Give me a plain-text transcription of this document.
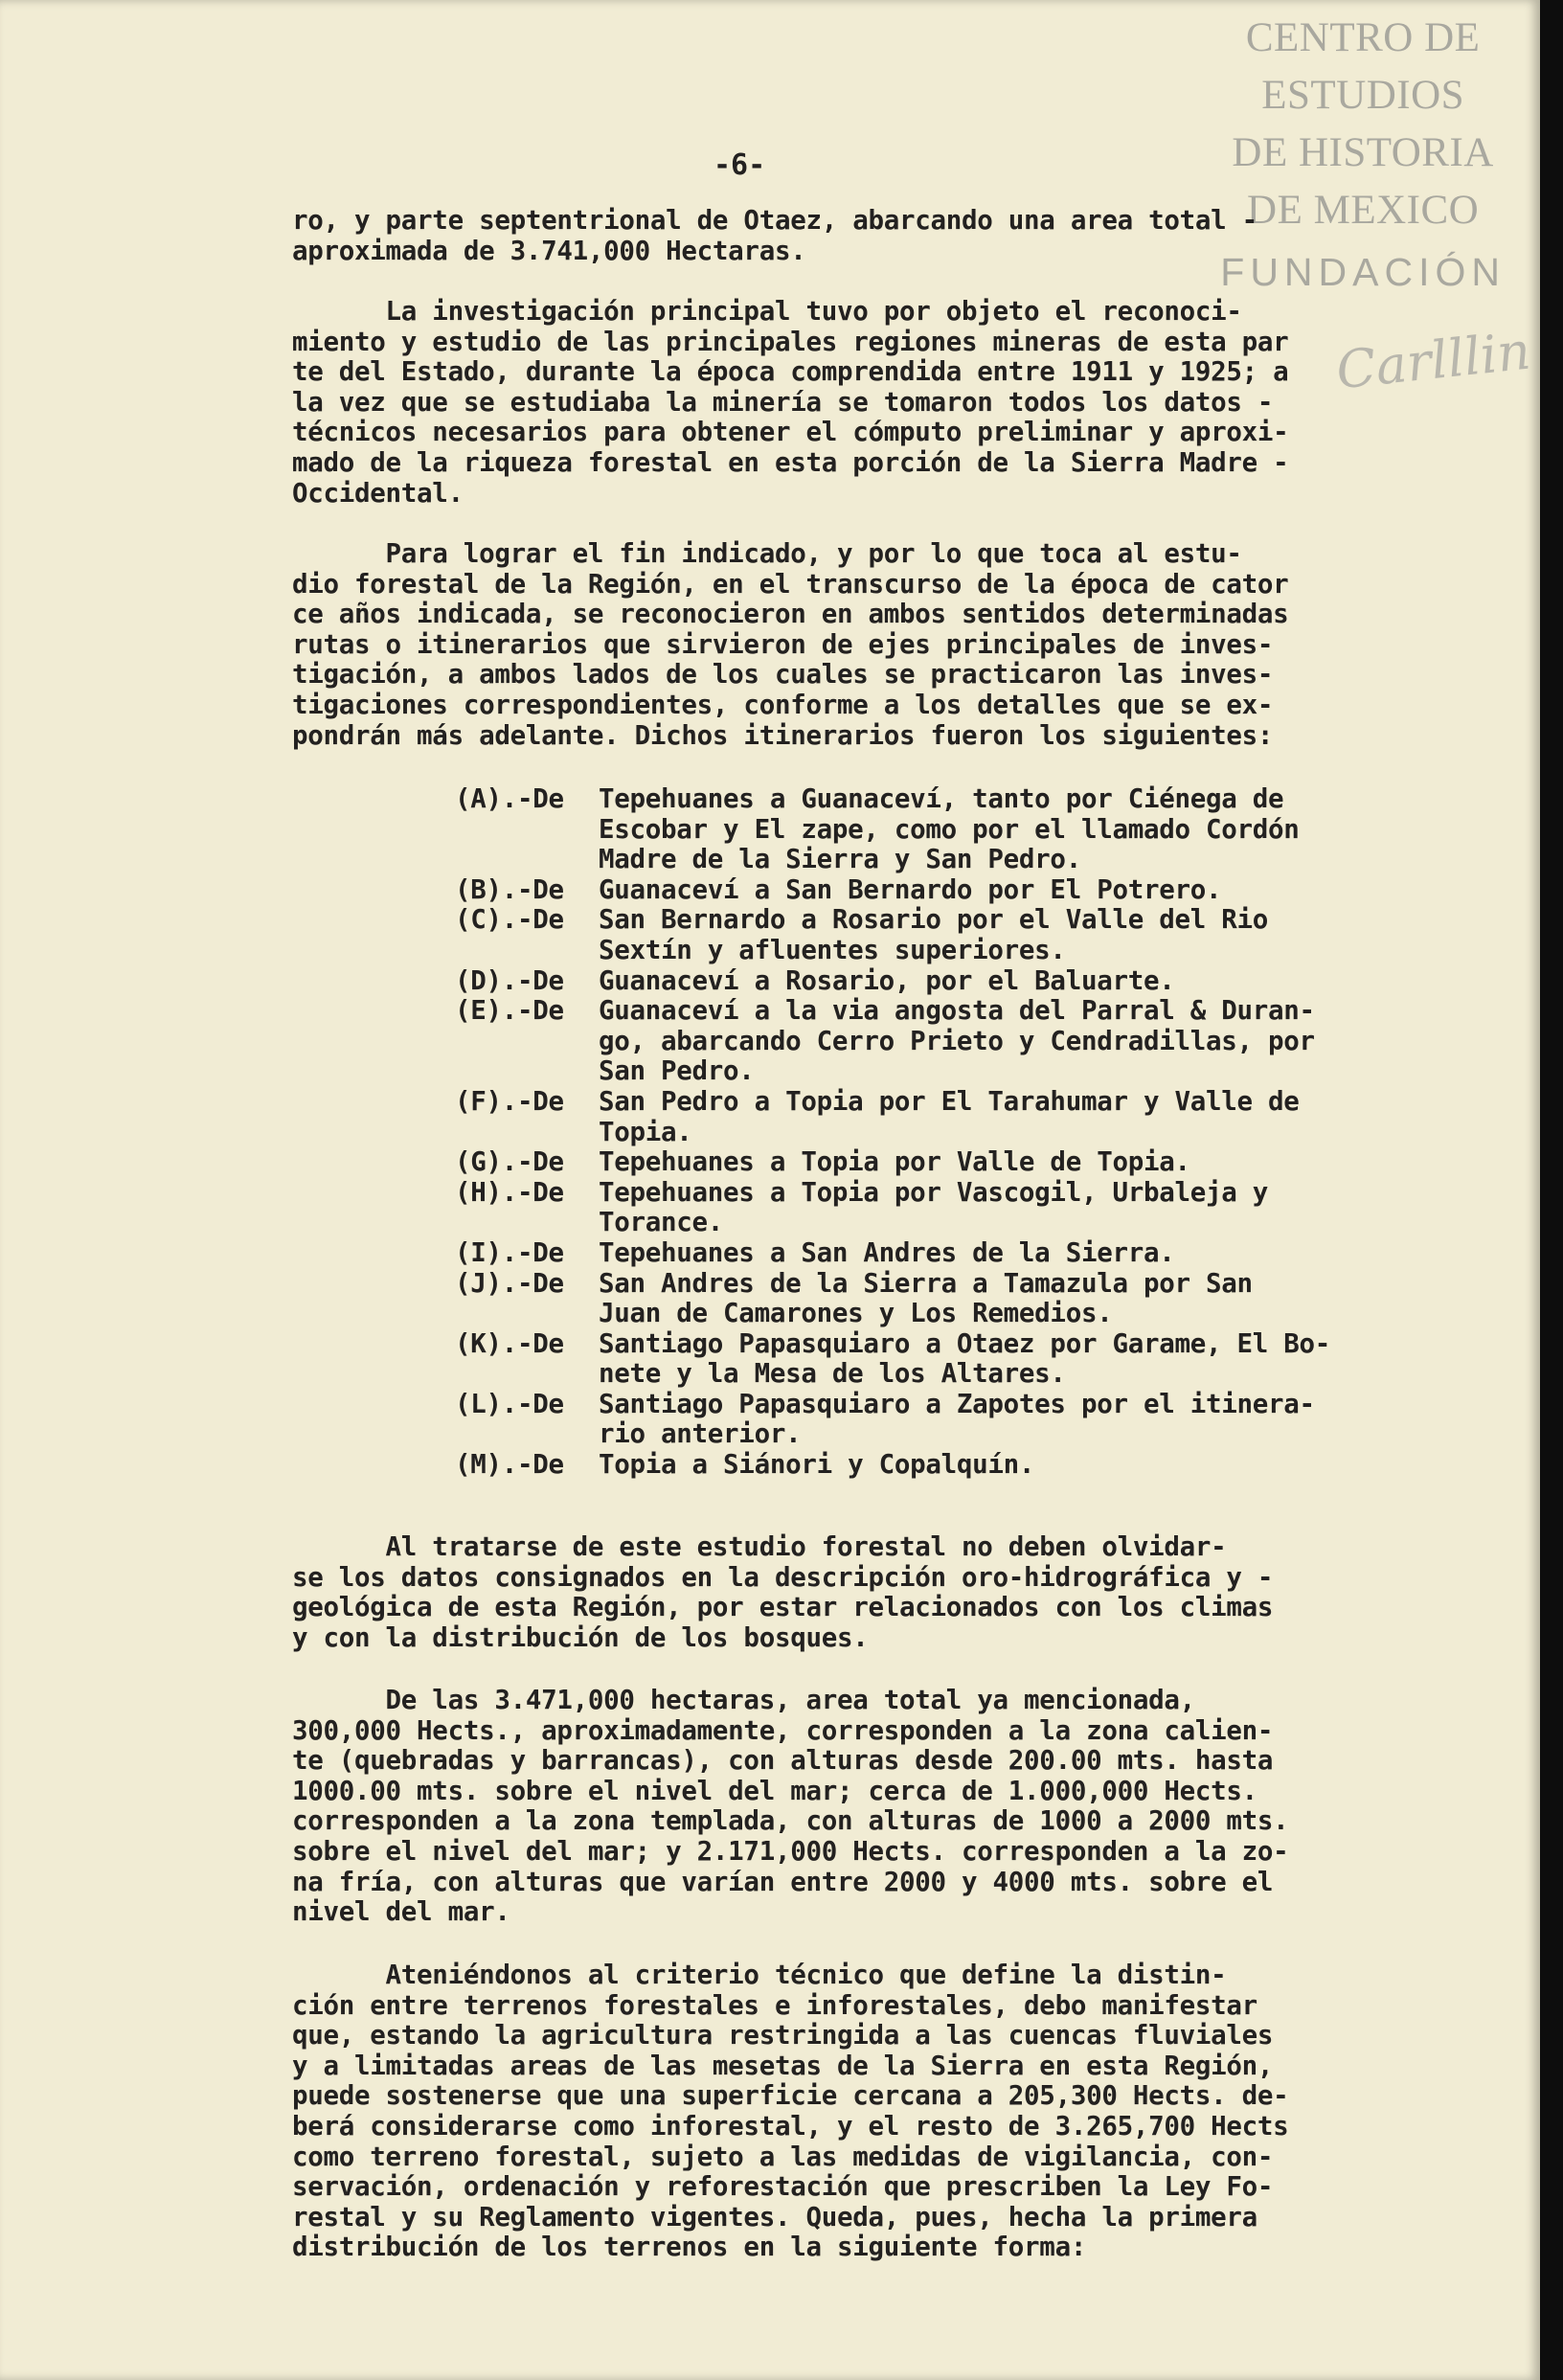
CENTRO DE
ESTUDIOS
DE HISTORIA
DE MEXICO
FUNDACIÓN
Carlllin
-6-
ro, y parte septentrional de Otaez, abarcando una area total -
aproximada de 3.741,000 Hectaras.
La investigación principal tuvo por objeto el reconoci-
miento y estudio de las principales regiones mineras de esta par
te del Estado, durante la época comprendida entre 1911 y 1925; a
la vez que se estudiaba la minería se tomaron todos los datos -
técnicos necesarios para obtener el cómputo preliminar y aproxi-
mado de la riqueza forestal en esta porción de la Sierra Madre -
Occidental.
Para lograr el fin indicado, y por lo que toca al estu-
dio forestal de la Región, en el transcurso de la época de cator
ce años indicada, se reconocieron en ambos sentidos determinadas
rutas o itinerarios que sirvieron de ejes principales de inves-
tigación, a ambos lados de los cuales se practicaron las inves-
tigaciones correspondientes, conforme a los detalles que se ex-
pondrán más adelante. Dichos itinerarios fueron los siguientes:
(A).-De	Tepehuanes a Guanaceví, tanto por Ciénega de
Escobar y El zape, como por el llamado Cordón
Madre de la Sierra y San Pedro.
(B).-De	Guanaceví a San Bernardo por El Potrero.
(C).-De	San Bernardo a Rosario por el Valle del Rio
Sextín y afluentes superiores.
(D).-De	Guanaceví a Rosario, por el Baluarte.
(E).-De	Guanaceví a la via angosta del Parral & Duran-
go, abarcando Cerro Prieto y Cendradillas, por
San Pedro.
(F).-De	San Pedro a Topia por El Tarahumar y Valle de
Topia.
(G).-De	Tepehuanes a Topia por Valle de Topia.
(H).-De	Tepehuanes a Topia por Vascogil, Urbaleja y
Torance.
(I).-De	Tepehuanes a San Andres de la Sierra.
(J).-De	San Andres de la Sierra a Tamazula por San
Juan de Camarones y Los Remedios.
(K).-De	Santiago Papasquiaro a Otaez por Garame, El Bo-
nete y la Mesa de los Altares.
(L).-De	Santiago Papasquiaro a Zapotes por el itinera-
rio anterior.
(M).-De	Topia a Siánori y Copalquín.
Al tratarse de este estudio forestal no deben olvidar-
se los datos consignados en la descripción oro-hidrográfica y -
geológica de esta Región, por estar relacionados con los climas
y con la distribución de los bosques.
De las 3.471,000 hectaras, area total ya mencionada,
300,000 Hects., aproximadamente, corresponden a la zona calien-
te (quebradas y barrancas), con alturas desde 200.00 mts. hasta
1000.00 mts. sobre el nivel del mar; cerca de 1.000,000 Hects.
corresponden a la zona templada, con alturas de 1000 a 2000 mts.
sobre el nivel del mar; y 2.171,000 Hects. corresponden a la zo-
na fría, con alturas que varían entre 2000 y 4000 mts. sobre el
nivel del mar.
Ateniéndonos al criterio técnico que define la distin-
ción entre terrenos forestales e inforestales, debo manifestar
que, estando la agricultura restringida a las cuencas fluviales
y a limitadas areas de las mesetas de la Sierra en esta Región,
puede sostenerse que una superficie cercana a 205,300 Hects. de-
berá considerarse como inforestal, y el resto de 3.265,700 Hects
como terreno forestal, sujeto a las medidas de vigilancia, con-
servación, ordenación y reforestación que prescriben la Ley Fo-
restal y su Reglamento vigentes. Queda, pues, hecha la primera
distribución de los terrenos en la siguiente forma:
